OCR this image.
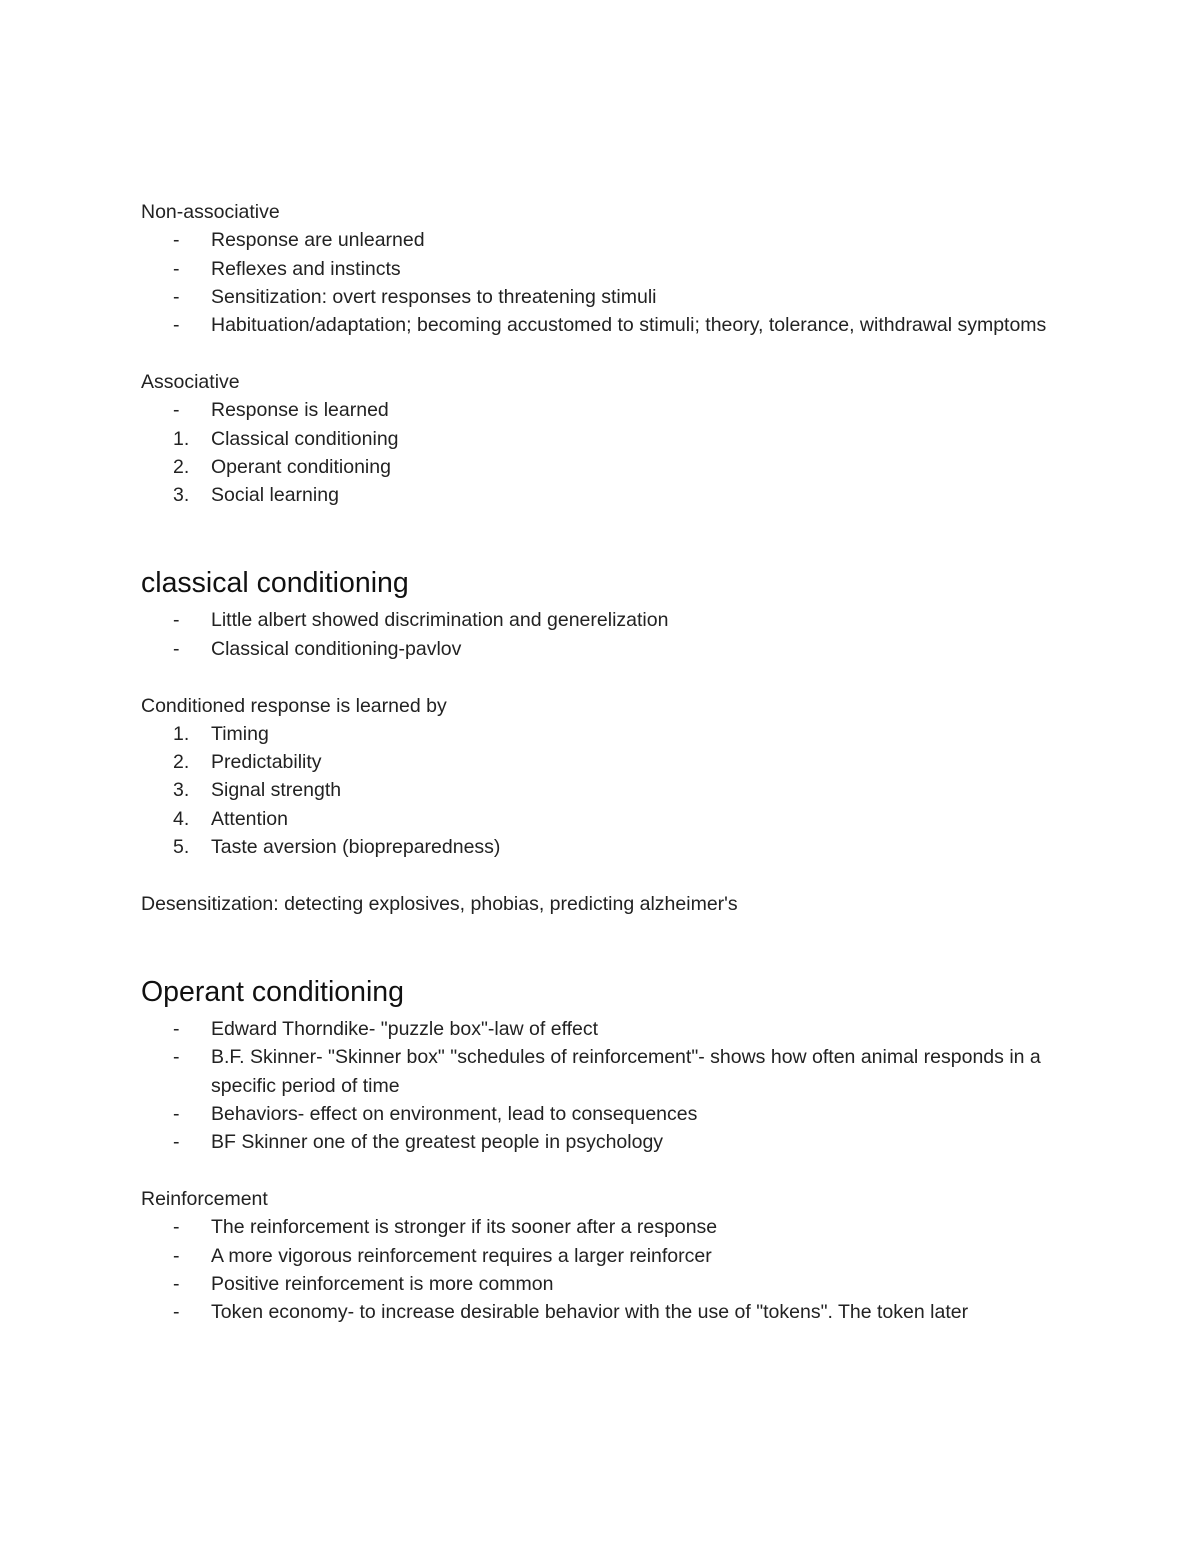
Non-associative

-	Response are unlearned
-	Reflexes and instincts
-	Sensitization: overt responses to threatening stimuli
-	Habituation/adaptation; becoming accustomed to stimuli; theory, tolerance, withdrawal symptoms

Associative

-	Response is learned
1.	Classical conditioning
2.	Operant conditioning
3.	Social learning
classical conditioning
-	Little albert showed discrimination and generelization
-	Classical conditioning-pavlov

Conditioned response is learned by

1.	Timing
2.	Predictability
3.	Signal strength
4.	Attention
5.	Taste aversion (biopreparedness)

Desensitization: detecting explosives, phobias, predicting alzheimer's

Operant conditioning
-	Edward Thorndike- "puzzle box"-law of effect
-	B.F. Skinner- "Skinner box" "schedules of reinforcement"- shows how often animal responds in a specific period of time
-	Behaviors- effect on environment, lead to consequences
-	BF Skinner one of the greatest people in psychology

Reinforcement

-	The reinforcement is stronger if its sooner after a response
-	A more vigorous reinforcement requires a larger reinforcer
-	Positive reinforcement is more common
-	Token economy- to increase desirable behavior with the use of "tokens". The token later
